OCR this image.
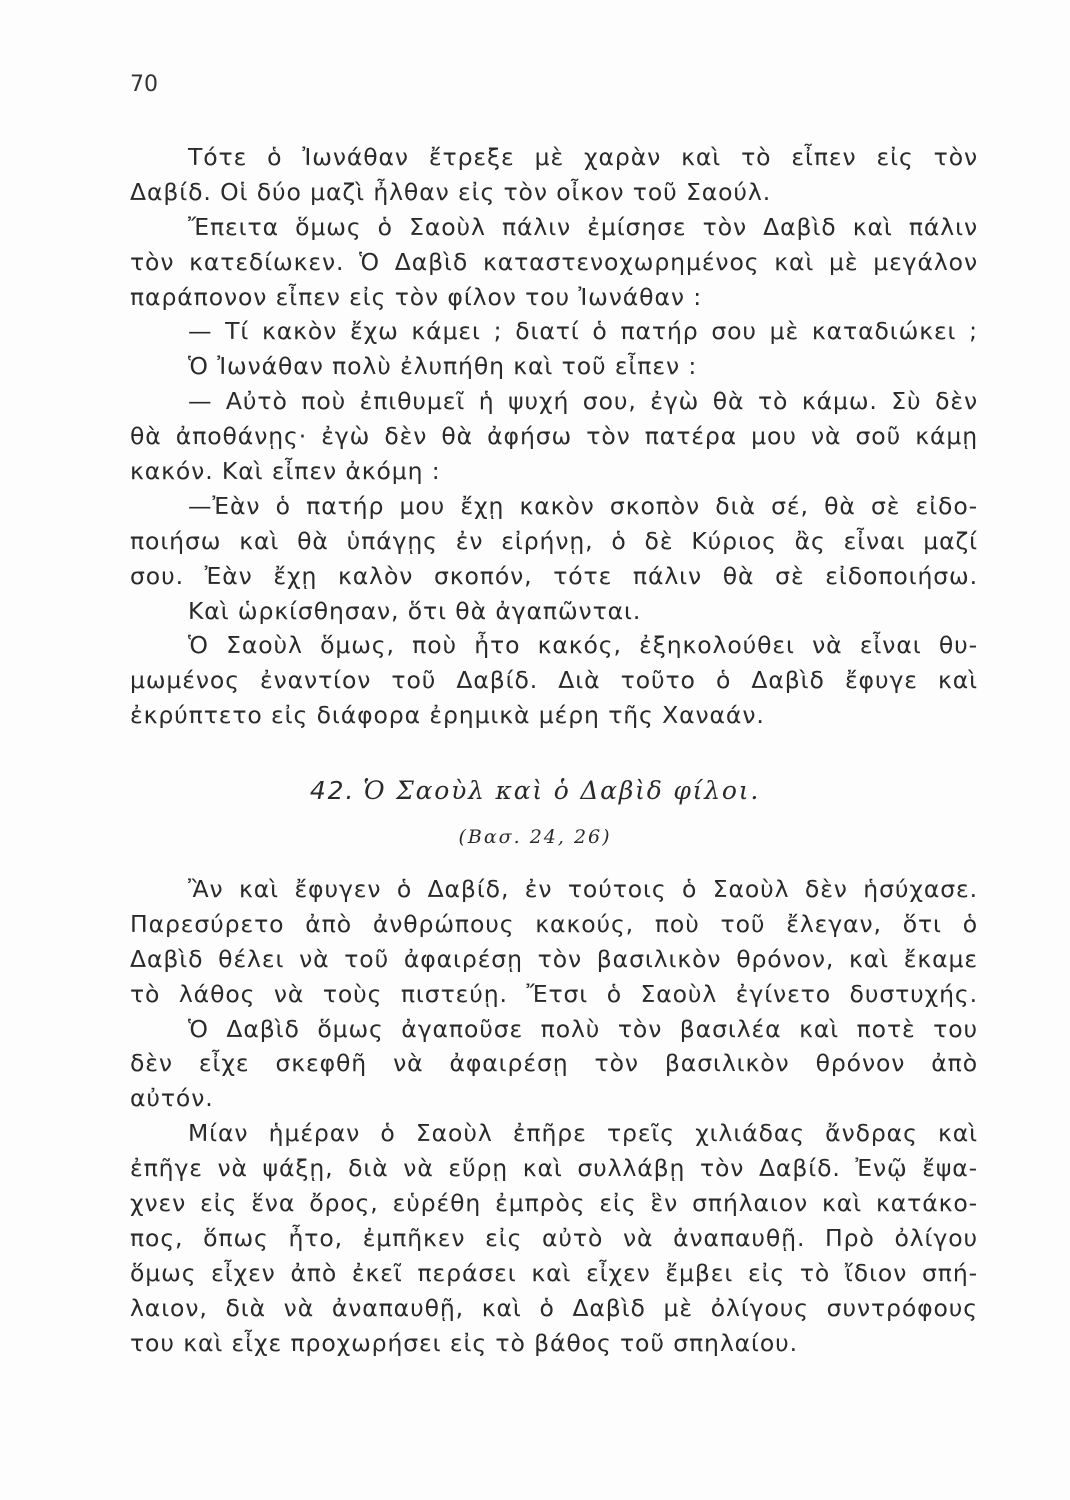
70
Τότε ὁ Ἰωνάθαν ἔτρεξε μὲ χαρὰν καὶ τὸ εἶπεν εἰς τὸν
Δαβίδ. Οἱ δύο μαζὶ ἦλθαν εἰς τὸν οἶκον τοῦ Σαούλ.
Ἔπειτα ὅμως ὁ Σαοὺλ πάλιν ἐμίσησε τὸν Δαβὶδ καὶ πάλιν
τὸν κατεδίωκεν. Ὁ Δαβὶδ καταστενοχωρημένος καὶ μὲ μεγάλον
παράπονον εἶπεν εἰς τὸν φίλον του Ἰωνάθαν :
— Τί κακὸν ἔχω κάμει ; διατί ὁ πατήρ σου μὲ καταδιώκει ;
Ὁ Ἰωνάθαν πολὺ ἐλυπήθη καὶ τοῦ εἶπεν :
— Αὐτὸ ποὺ ἐπιθυμεῖ ἡ ψυχή σου, ἐγὼ θὰ τὸ κάμω. Σὺ δὲν
θὰ ἀποθάνῃς· ἐγὼ δὲν θὰ ἀφήσω τὸν πατέρα μου νὰ σοῦ κάμῃ
κακόν. Καὶ εἶπεν ἀκόμη :
—Ἐὰν ὁ πατήρ μου ἔχῃ κακὸν σκοπὸν διὰ σέ, θὰ σὲ εἰδο-
ποιήσω καὶ θὰ ὑπάγῃς ἐν εἰρήνῃ, ὁ δὲ Κύριος ἂς εἶναι μαζί
σου. Ἐὰν ἔχῃ καλὸν σκοπόν, τότε πάλιν θὰ σὲ εἰδοποιήσω.
Καὶ ὡρκίσθησαν, ὅτι θὰ ἀγαπῶνται.
Ὁ Σαοὺλ ὅμως, ποὺ ἦτο κακός, ἐξηκολούθει νὰ εἶναι θυ-
μωμένος ἐναντίον τοῦ Δαβίδ. Διὰ τοῦτο ὁ Δαβὶδ ἔφυγε καὶ
ἐκρύπτετο εἰς διάφορα ἐρημικὰ μέρη τῆς Χαναάν.
42. Ὁ Σαοὺλ καὶ ὁ Δαβὶδ φίλοι.
(Βασ. 24, 26)
Ἂν καὶ ἔφυγεν ὁ Δαβίδ, ἐν τούτοις ὁ Σαοὺλ δὲν ἡσύχασε.
Παρεσύρετο ἀπὸ ἀνθρώπους κακούς, ποὺ τοῦ ἔλεγαν, ὅτι ὁ
Δαβὶδ θέλει νὰ τοῦ ἀφαιρέσῃ τὸν βασιλικὸν θρόνον, καὶ ἔκαμε
τὸ λάθος νὰ τοὺς πιστεύῃ. Ἔτσι ὁ Σαοὺλ ἐγίνετο δυστυχής.
Ὁ Δαβὶδ ὅμως ἀγαποῦσε πολὺ τὸν βασιλέα καὶ ποτὲ του
δὲν εἶχε σκεφθῆ νὰ ἀφαιρέσῃ τὸν βασιλικὸν θρόνον ἀπὸ
αὐτόν.
Μίαν ἡμέραν ὁ Σαοὺλ ἐπῆρε τρεῖς χιλιάδας ἄνδρας καὶ
ἐπῆγε νὰ ψάξῃ, διὰ νὰ εὕρῃ καὶ συλλάβῃ τὸν Δαβίδ. Ἐνῷ ἔψα-
χνεν εἰς ἕνα ὄρος, εὑρέθη ἐμπρὸς εἰς ἓν σπήλαιον καὶ κατάκο-
πος, ὅπως ἦτο, ἐμπῆκεν εἰς αὐτὸ νὰ ἀναπαυθῇ. Πρὸ ὀλίγου
ὅμως εἶχεν ἀπὸ ἐκεῖ περάσει καὶ εἶχεν ἔμβει εἰς τὸ ἴδιον σπή-
λαιον, διὰ νὰ ἀναπαυθῇ, καὶ ὁ Δαβὶδ μὲ ὀλίγους συντρόφους
του καὶ εἶχε προχωρήσει εἰς τὸ βάθος τοῦ σπηλαίου.
